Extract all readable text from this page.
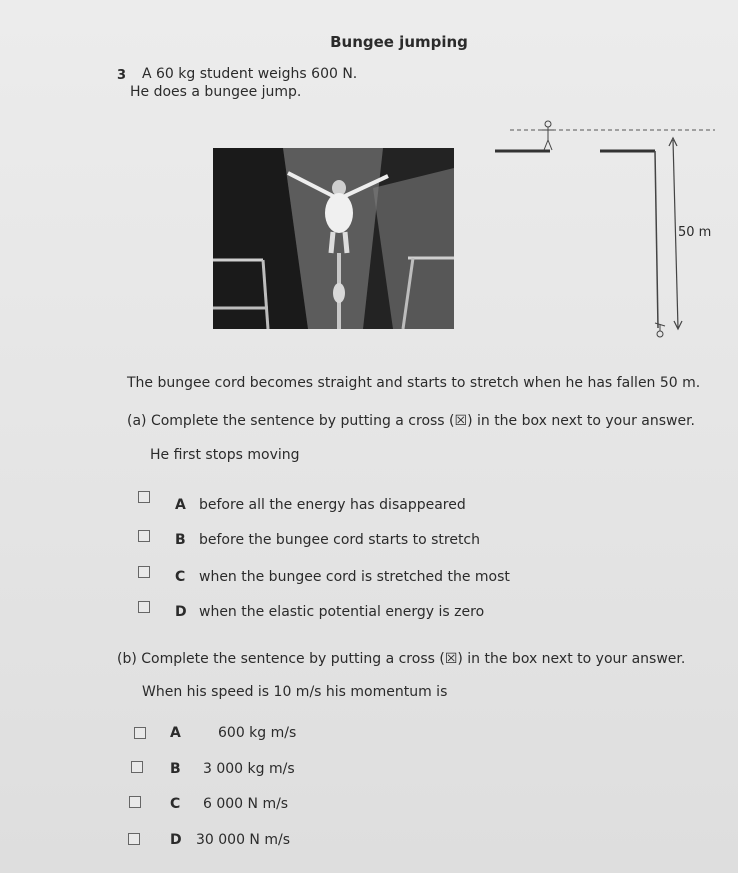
Bungee jumping
3 A 60 kg student weighs 600 N.
He does a bungee jump.
50 m
The bungee cord becomes straight and starts to stretch when he has fallen 50 m.
(a) Complete the sentence by putting a cross (☒) in the box next to your answer.
He first stops moving
A before all the energy has disappeared
B before the bungee cord starts to stretch
C when the bungee cord is stretched the most
D when the elastic potential energy is zero
(b) Complete the sentence by putting a cross (☒) in the box next to your answer.
When his speed is 10 m/s his momentum is
A	600 kg m/s
B 3 000 kg m/s
C 6 000 N m/s
D 30 000 N m/s
